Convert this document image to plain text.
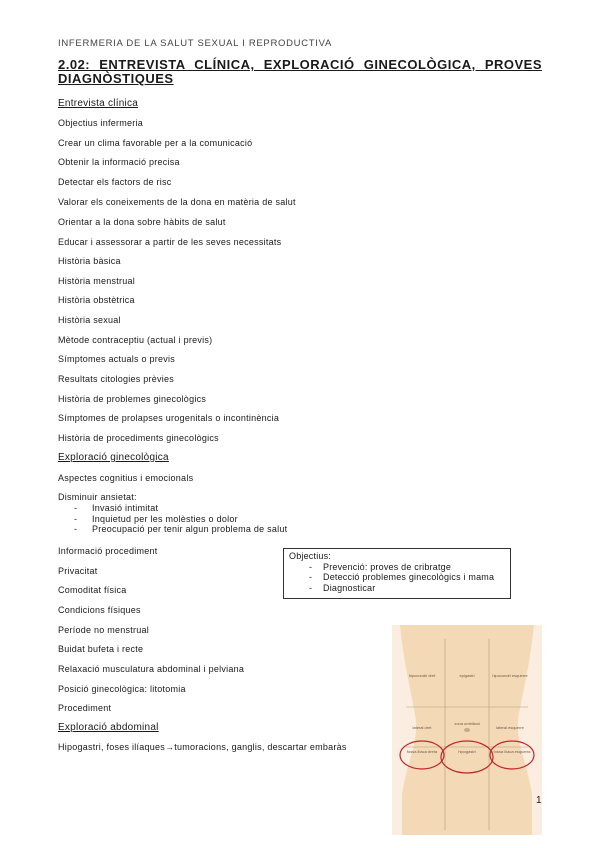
INFERMERIA DE LA SALUT SEXUAL I REPRODUCTIVA
2.02: ENTREVISTA CLÍNICA, EXPLORACIÓ GINECOLÒGICA, PROVES DIAGNÒSTIQUES
Entrevista clínica
Objectius infermeria
Crear un clima favorable per a la comunicació
Obtenir la informació precisa
Detectar els factors de risc
Valorar els coneixements de la dona en matèria de salut
Orientar a la dona sobre hàbits de salut
Educar i assessorar a partir de les seves necessitats
Història bàsica
Història menstrual
Història obstètrica
Història sexual
Mètode contraceptiu (actual i previs)
Símptomes actuals o previs
Resultats citologies prèvies
Història de problemes ginecològics
Símptomes de prolapses urogenitals o incontinència
Història de procediments ginecològics
Exploració ginecològica
Aspectes cognitius i emocionals
Disminuir ansietat:
- Invasió intimitat
- Inquietud per les molèsties o dolor
- Preocupació per tenir algun problema de salut
Informació procediment
Privacitat
Comoditat física
Condicions físiques
Període no menstrual
Buidat bufeta i recte
Relaxació musculatura abdominal i pelviana
Posició ginecològica: litotomia
Procediment
Exploració abdominal
Hipogastri, foses ilíaques→tumoracions, ganglis, descartar embaràs
Objectius:
- Prevenció: proves de cribratge
- Detecció problemes ginecològics i mama
- Diagnosticar
hipocondri dret	epigastri	hipocondri esquerre
lateral dret
zona umbilical
lateral esquerre
fossa ilíaca dreta	hipogastri	fossa ilíaca esquerra
1
